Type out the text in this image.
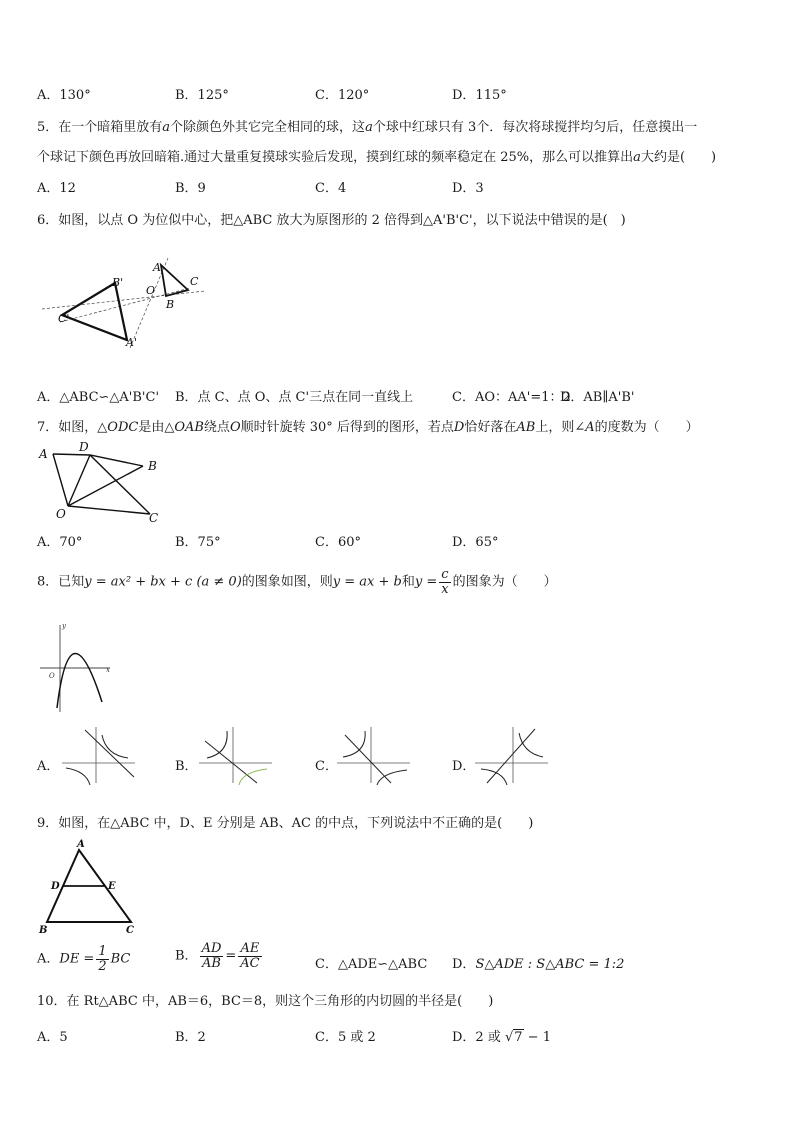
A．130°	B．125°	C．120°	D．115°
5．在一个暗箱里放有a个除颜色外其它完全相同的球，这a个球中红球只有 3个．每次将球搅拌均匀后，任意摸出一
个球记下颜色再放回暗箱.通过大量重复摸球实验后发现，摸到红球的频率稳定在 25%，那么可以推算出a大约是(　　)
A．12	B．9	C．4	D．3
6．如图，以点 O 为位似中心，把△ABC 放大为原图形的 2 倍得到△A'B'C'，以下说法中错误的是(　)
B'
C'
A'
O
A
C
B
A．△ABC∽△A'B'C' B．点 C、点 O、点 C'三点在同一直线上	C．AO：AA'=1：2
D．AB∥A'B'
7．如图，△ODC是由△OAB绕点O顺时针旋转 30° 后得到的图形，若点D恰好落在AB上，则∠A的度数为（　　）
A	D
B
O	C
A．70°	B．75°	C．60°	D．65°
8．已知y = ax² + bx + c (a ≠ 0)的图象如图，则y = ax + b和$y = \frac{c}{x}$ 的图象为（　　）
x
y
O
A．	B．	C．	D．
9．如图，在△ABC 中，D、E 分别是 AB、AC 的中点，下列说法中不正确的是(　　)
A
D	E
B	C
A．DE = $\frac{1}{2}$ BC	B． $\frac{AD}{AB} = \frac{AE}{AC}$	C．△ADE∽△ABC D．S△ADE : S△ABC = 1:2
10．在 Rt△ABC 中，AB＝6，BC＝8，则这个三角形的内切圆的半径是(　　)
A．5	B．2	C．5 或 2	D．2 或 √7 − 1
